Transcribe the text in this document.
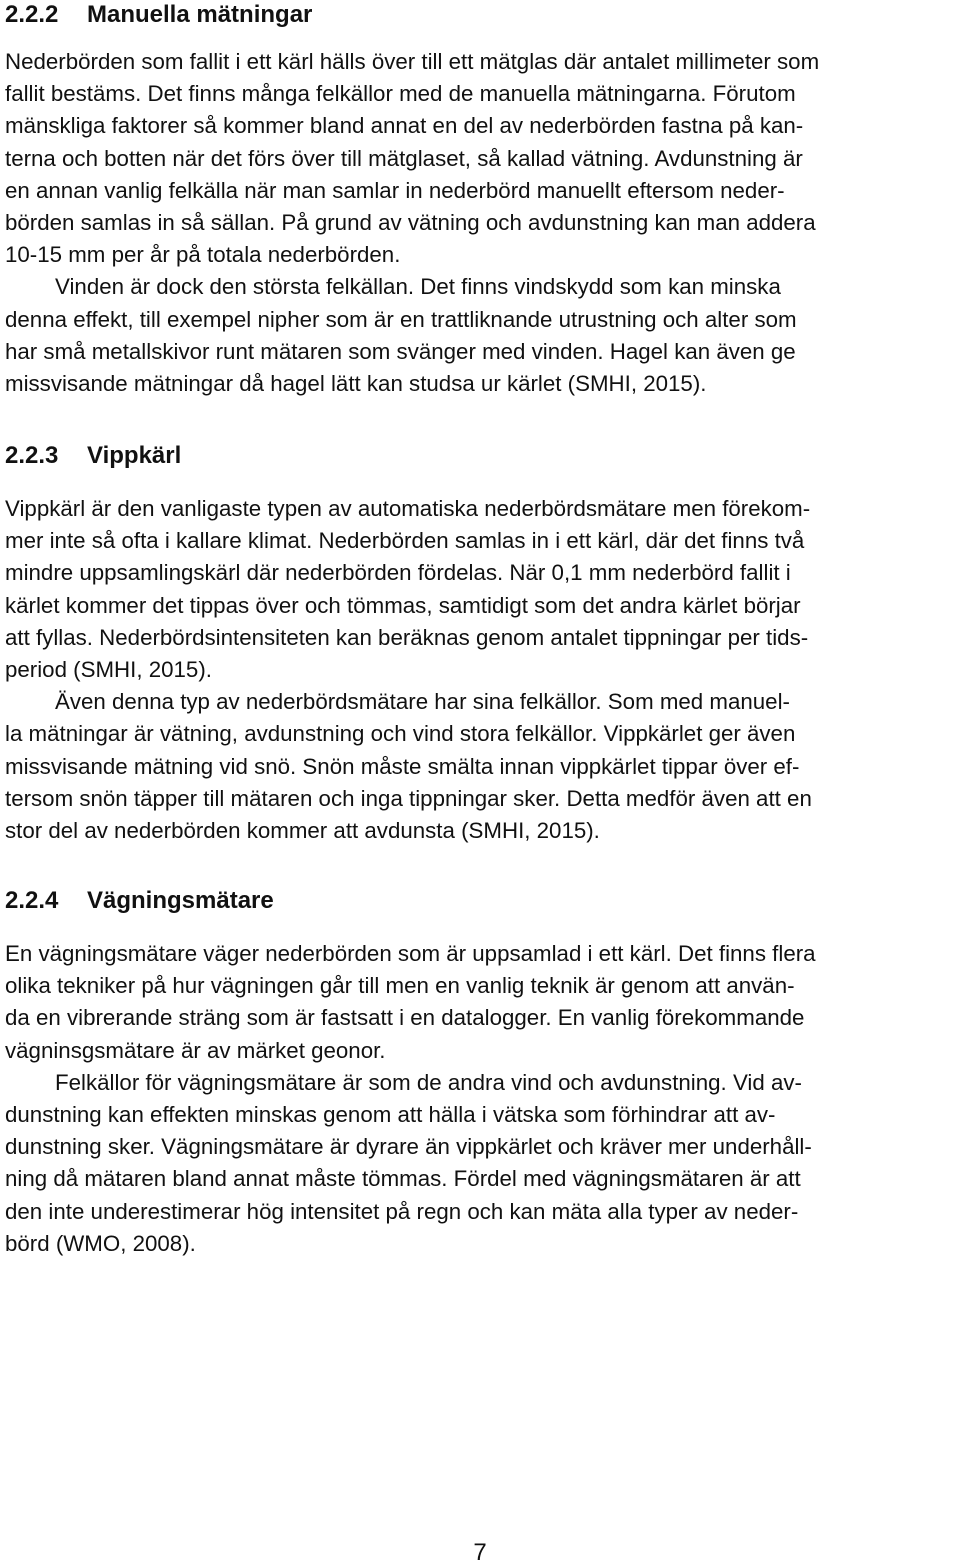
2.2.2 Manuella mätningar

Nederbörden som fallit i ett kärl hälls över till ett mätglas där antalet millimeter som

fallit bestäms. Det finns många felkällor med de manuella mätningarna. Förutom

mänskliga faktorer så kommer bland annat en del av nederbörden fastna på kan-

terna och botten när det förs över till mätglaset, så kallad vätning. Avdunstning är

en annan vanlig felkälla när man samlar in nederbörd manuellt eftersom neder-

börden samlas in så sällan. På grund av vätning och avdunstning kan man addera

10-15 mm per år på totala nederbörden.

Vinden är dock den största felkällan. Det finns vindskydd som kan minska

denna effekt, till exempel nipher som är en trattliknande utrustning och alter som

har små metallskivor runt mätaren som svänger med vinden. Hagel kan även ge

missvisande mätningar då hagel lätt kan studsa ur kärlet (SMHI, 2015).

2.2.3 Vippkärl

Vippkärl är den vanligaste typen av automatiska nederbördsmätare men förekom-

mer inte så ofta i kallare klimat. Nederbörden samlas in i ett kärl, där det finns två

mindre uppsamlingskärl där nederbörden fördelas. När 0,1 mm nederbörd fallit i

kärlet kommer det tippas över och tömmas, samtidigt som det andra kärlet börjar

att fyllas. Nederbördsintensiteten kan beräknas genom antalet tippningar per tids-

period (SMHI, 2015).

Även denna typ av nederbördsmätare har sina felkällor. Som med manuel-

la mätningar är vätning, avdunstning och vind stora felkällor. Vippkärlet ger även

missvisande mätning vid snö. Snön måste smälta innan vippkärlet tippar över ef-

tersom snön täpper till mätaren och inga tippningar sker. Detta medför även att en

stor del av nederbörden kommer att avdunsta (SMHI, 2015).

2.2.4 Vägningsmätare

En vägningsmätare väger nederbörden som är uppsamlad i ett kärl. Det finns flera

olika tekniker på hur vägningen går till men en vanlig teknik är genom att använ-

da en vibrerande sträng som är fastsatt i en datalogger. En vanlig förekommande

vägninsgsmätare är av märket geonor.

Felkällor för vägningsmätare är som de andra vind och avdunstning. Vid av-

dunstning kan effekten minskas genom att hälla i vätska som förhindrar att av-

dunstning sker. Vägningsmätare är dyrare än vippkärlet och kräver mer underhåll-

ning då mätaren bland annat måste tömmas. Fördel med vägningsmätaren är att

den inte underestimerar hög intensitet på regn och kan mäta alla typer av neder-

börd (WMO, 2008).

7
